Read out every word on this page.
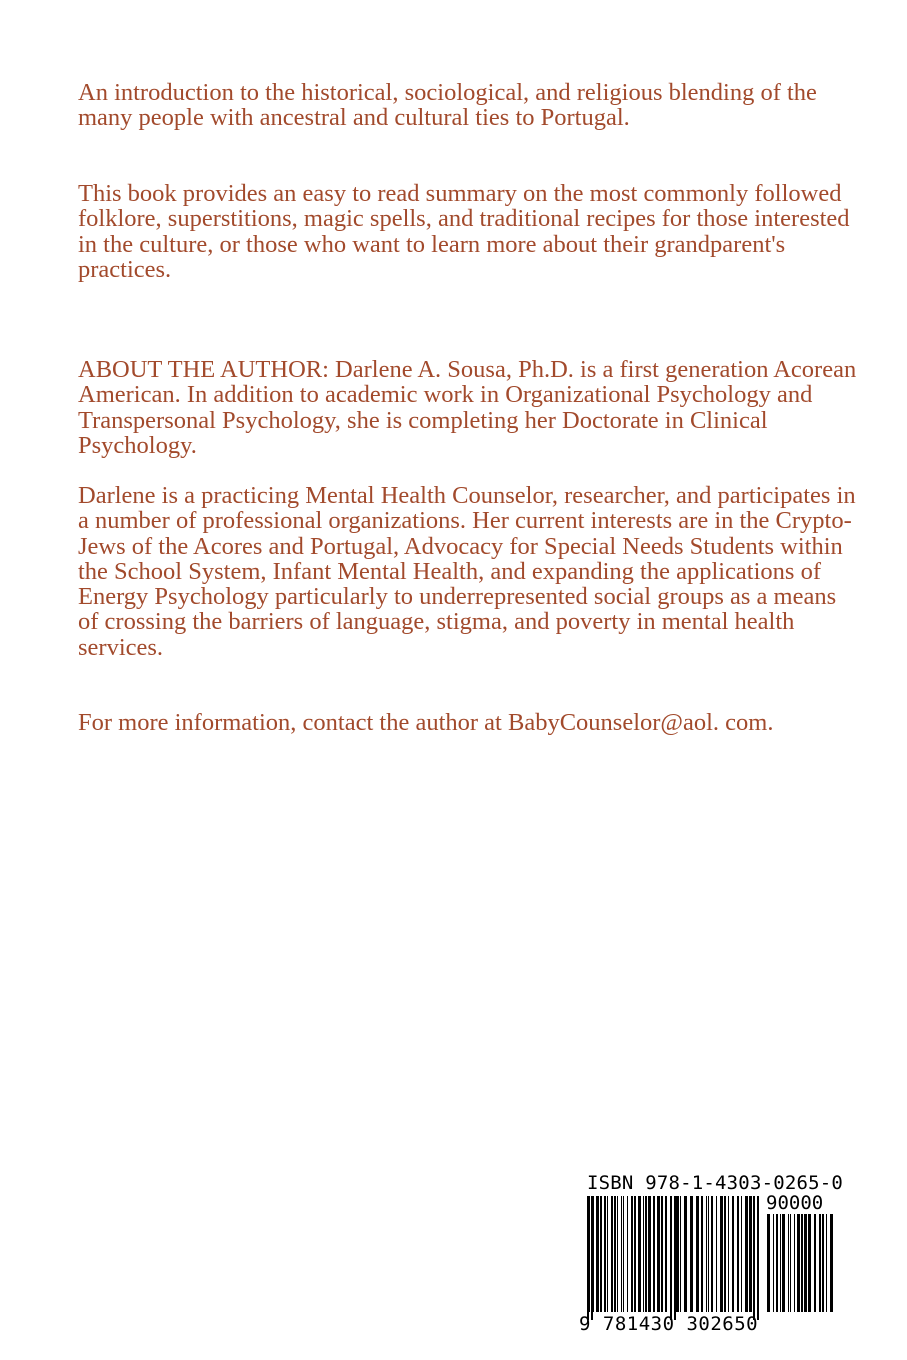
An introduction to the historical, sociological, and religious blending of the many people with ancestral and cultural ties to Portugal.

This book provides an easy to read summary on the most commonly followed folklore, superstitions, magic spells, and traditional recipes for those interested in the culture, or those who want to learn more about their grandparent's practices.

ABOUT THE AUTHOR: Darlene A. Sousa, Ph.D. is a first generation Acorean American. In addition to academic work in Organizational Psychology and Transpersonal Psychology, she is completing her Doctorate in Clinical Psychology.

Darlene is a practicing Mental Health Counselor, researcher, and participates in a number of professional organizations. Her current interests are in the Crypto-Jews of the Acores and Portugal, Advocacy for Special Needs Students within the School System, Infant Mental Health, and expanding the applications of Energy Psychology particularly to underrepresented social groups as a means of crossing the barriers of language, stigma, and poverty in mental health services.

For more information, contact the author at BabyCounselor@aol. com.

ISBN 978-1-4303-0265-0
90000
9 781430 302650
